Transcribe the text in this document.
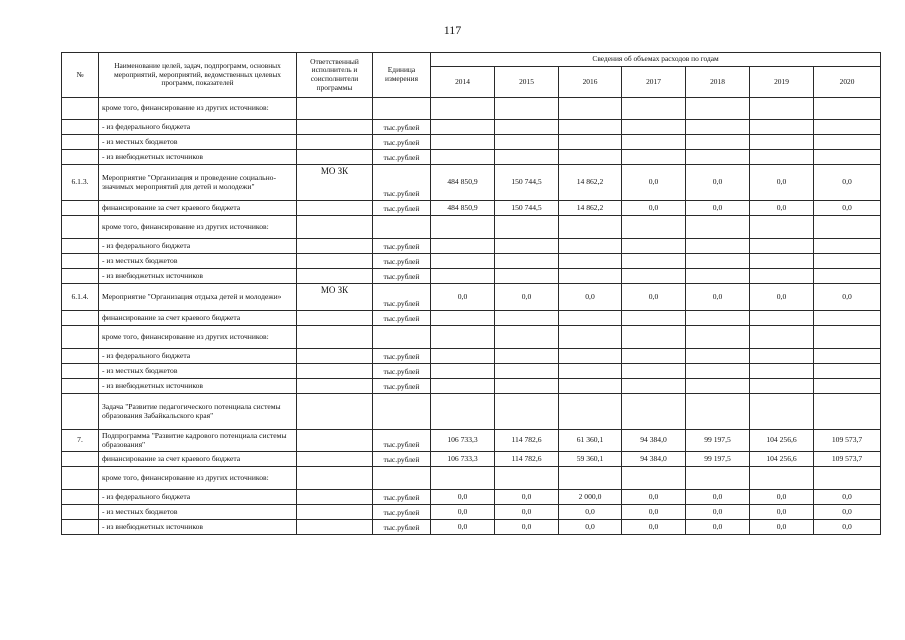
117
№	Наименование целей, задач, подпрограмм, основных мероприятий, мероприятий, ведомственных целевых программ, показателей	Ответственный исполнитель и соисполнители программы	Единица измерения	Сведения об объемах расходов по годам						
				2014	2015	2016	2017	2018	2019	2020
	кроме того, финансирование из других источников:									
	- из федерального бюджета		тыс.рублей							
	- из местных бюджетов		тыс.рублей							
	- из внебюджетных источников		тыс.рублей							
6.1.3.	Мероприятие "Организация и проведение социально-значимых мероприятий для детей и молодежи"	МО ЗК	тыс.рублей	484 850,9	150 744,5	14 862,2	0,0	0,0	0,0	0,0
	финансирование за счет краевого бюджета		тыс.рублей	484 850,9	150 744,5	14 862,2	0,0	0,0	0,0	0,0
	кроме того, финансирование из других источников:									
	- из федерального бюджета		тыс.рублей							
	- из местных бюджетов		тыс.рублей							
	- из внебюджетных источников		тыс.рублей							
6.1.4.	Мероприятие "Организация отдыха детей и молодежи»	МО ЗК	тыс.рублей	0,0	0,0	0,0	0,0	0,0	0,0	0,0
	финансирование за счет краевого бюджета		тыс.рублей							
	кроме того, финансирование из других источников:									
	- из федерального бюджета		тыс.рублей							
	- из местных бюджетов		тыс.рублей							
	- из внебюджетных источников		тыс.рублей							
	Задача "Развитие педагогического потенциала системы образования Забайкальского края"									
7.	Подпрограмма "Развитие кадрового потенциала системы образования"		тыс.рублей	106 733,3	114 782,6	61 360,1	94 384,0	99 197,5	104 256,6	109 573,7
	финансирование за счет краевого бюджета		тыс.рублей	106 733,3	114 782,6	59 360,1	94 384,0	99 197,5	104 256,6	109 573,7
	кроме того, финансирование из других источников:									
	- из федерального бюджета		тыс.рублей	0,0	0,0	2 000,0	0,0	0,0	0,0	0,0
	- из местных бюджетов		тыс.рублей	0,0	0,0	0,0	0,0	0,0	0,0	0,0
	- из внебюджетных источников		тыс.рублей	0,0	0,0	0,0	0,0	0,0	0,0	0,0
